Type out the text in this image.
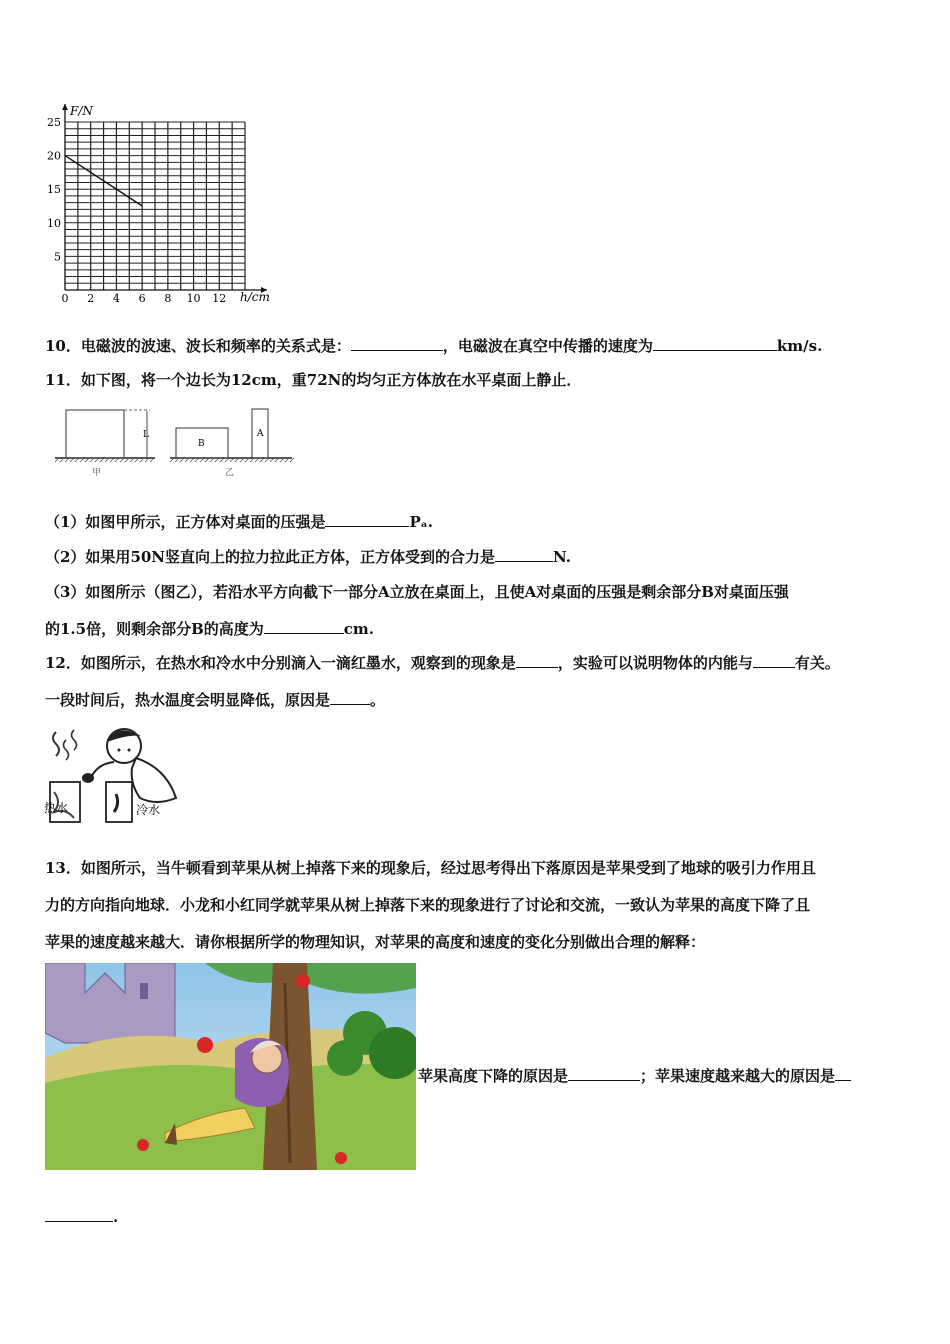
0 2 4 6 8 10 12
5
10
15
20
25
F/N
h/cm
10．电磁波的波速、波长和频率的关系式是：	，电磁波在真空中传播的速度为	km/s.
11．如下图，将一个边长为12cm，重72N的均匀正方体放在水平桌面上静止．
L
B
A
甲	乙
（1）如图甲所示，正方体对桌面的压强是	Pₐ.
（2）如果用50N竖直向上的拉力拉此正方体，正方体受到的合力是	N.
（3）如图所示（图乙），若沿水平方向截下一部分A立放在桌面上，且使A对桌面的压强是剩余部分B对桌面压强
的1.5倍，则剩余部分B的高度为	cm.
12．如图所示，在热水和冷水中分别滴入一滴红墨水，观察到的现象是	，实验可以说明物体的内能与	有关。
一段时间后，热水温度会明显降低，原因是	。
热水	冷水
13．如图所示，当牛顿看到苹果从树上掉落下来的现象后，经过思考得出下落原因是苹果受到了地球的吸引力作用且
力的方向指向地球．小龙和小红同学就苹果从树上掉落下来的现象进行了讨论和交流，一致认为苹果的高度下降了且
苹果的速度越来越大．请你根据所学的物理知识，对苹果的高度和速度的变化分别做出合理的解释：
苹果高度下降的原因是	；苹果速度越来越大的原因是
.
